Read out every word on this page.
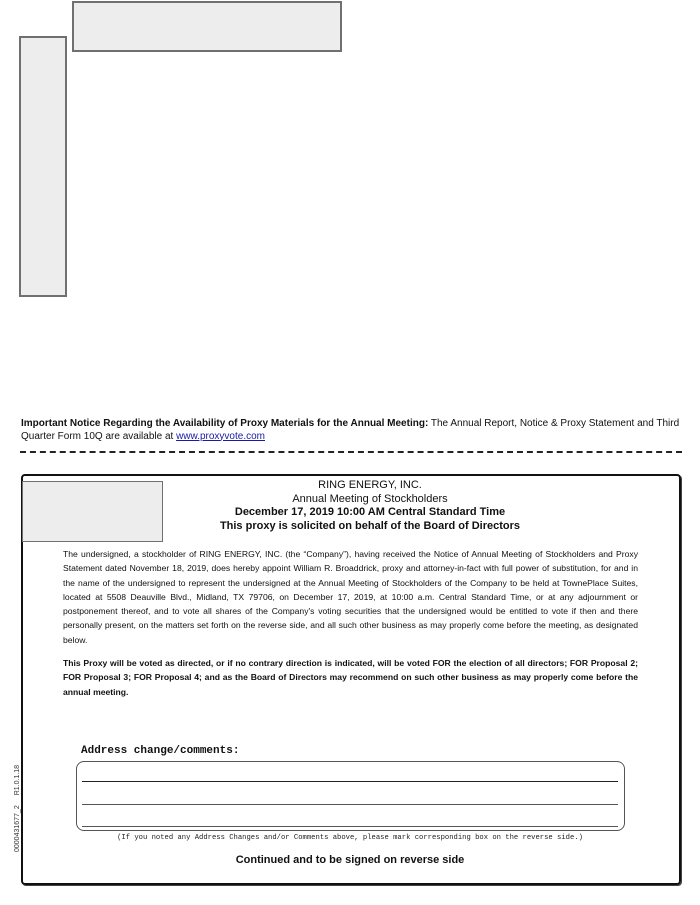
Important Notice Regarding the Availability of Proxy Materials for the Annual Meeting: The Annual Report, Notice & Proxy Statement and Third Quarter Form 10Q are available at www.proxyvote.com
RING ENERGY, INC.
Annual Meeting of Stockholders
December 17, 2019 10:00 AM Central Standard Time
This proxy is solicited on behalf of the Board of Directors
The undersigned, a stockholder of RING ENERGY, INC. (the “Company”), having received the Notice of Annual Meeting of Stockholders and Proxy Statement dated November 18, 2019, does hereby appoint William R. Broaddrick, proxy and attorney-in-fact with full power of substitution, for and in the name of the undersigned to represent the undersigned at the Annual Meeting of Stockholders of the Company to be held at TownePlace Suites, located at 5508 Deauville Blvd., Midland, TX 79706, on December 17, 2019, at 10:00 a.m. Central Standard Time, or at any adjournment or postponement thereof, and to vote all shares of the Company's voting securities that the undersigned would be entitled to vote if then and there personally present, on the matters set forth on the reverse side, and all such other business as may properly come before the meeting, as designated below.
This Proxy will be voted as directed, or if no contrary direction is indicated, will be voted FOR the election of all directors; FOR Proposal 2; FOR Proposal 3; FOR Proposal 4; and as the Board of Directors may recommend on such other business as may properly come before the annual meeting.
Address change/comments:
(If you noted any Address Changes and/or Comments above, please mark corresponding box on the reverse side.)
Continued and to be signed on reverse side
0000431677_2R1.0.1.18
